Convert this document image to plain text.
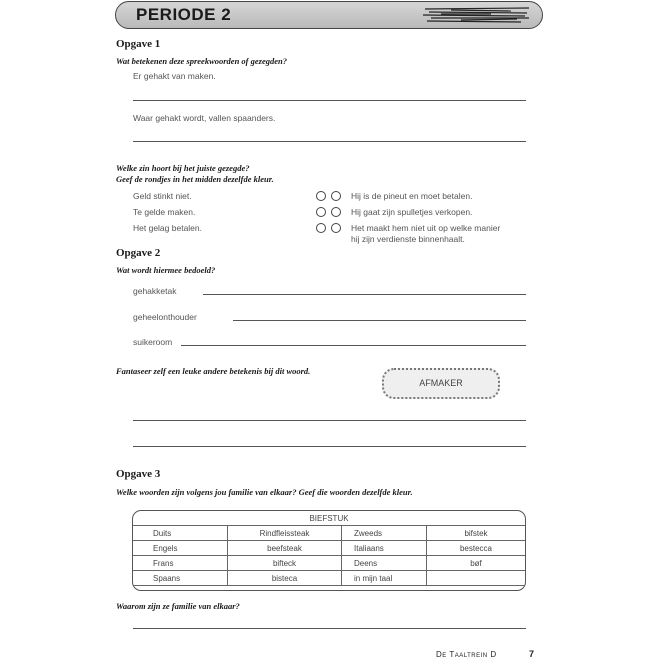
PERIODE 2
Opgave 1
Wat betekenen deze spreekwoorden of gezegden?
Er gehakt van maken.
Waar gehakt wordt, vallen spaanders.
Welke zin hoort bij het juiste gezegde?
Geef de rondjes in het midden dezelfde kleur.
Geld stinkt niet.
Te gelde maken.
Het gelag betalen.
Hij is de pineut en moet betalen.
Hij gaat zijn spulletjes verkopen.
Het maakt hem niet uit op welke manier
hij zijn verdienste binnenhaalt.
Opgave 2
Wat wordt hiermee bedoeld?
gehakketak
geheelonthouder
suikeroom
Fantaseer zelf een leuke andere betekenis bij dit woord.
AFMAKER
Opgave 3
Welke woorden zijn volgens jou familie van elkaar? Geef die woorden dezelfde kleur.
BIEFSTUK			
Duits	Rindfleissteak	Zweeds	bifstek
Engels	beefsteak	Italiaans	bestecca
Frans	bifteck	Deens	bøf
Spaans	bisteca	in mijn taal	
Waarom zijn ze familie van elkaar?
De Taaltrein D	7
